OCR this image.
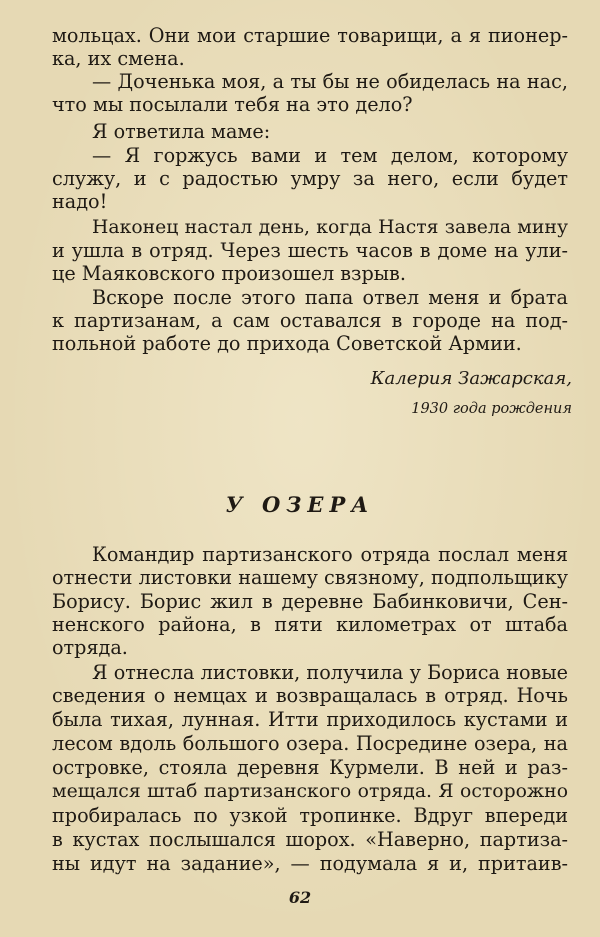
мольцах. Они мои старшие товарищи, а я пионер-
ка, их смена.
— Доченька моя, а ты бы не обиделась на нас,
что мы посылали тебя на это дело?
Я ответила маме:
— Я горжусь вами и тем делом, которому
служу, и с радостью умру за него, если будет
надо!
Наконец настал день, когда Настя завела мину
и ушла в отряд. Через шесть часов в доме на ули-
це Маяковского произошел взрыв.
Вскоре после этого папа отвел меня и брата
к партизанам, а сам оставался в городе на под-
польной работе до прихода Советской Армии.
Калерия Зажарская,
1930 года рождения
У ОЗЕРА
Командир партизанского отряда послал меня
отнести листовки нашему связному, подпольщику
Борису. Борис жил в деревне Бабинковичи, Сен-
ненского района, в пяти километрах от штаба
отряда.
Я отнесла листовки, получила у Бориса новые
сведения о немцах и возвращалась в отряд. Ночь
была тихая, лунная. Итти приходилось кустами и
лесом вдоль большого озера. Посредине озера, на
островке, стояла деревня Курмели. В ней и раз-
мещался штаб партизанского отряда. Я осторожно
пробиралась по узкой тропинке. Вдруг впереди
в кустах послышался шорох. «Наверно, партиза-
ны идут на задание», — подумала я и, притаив-
62
